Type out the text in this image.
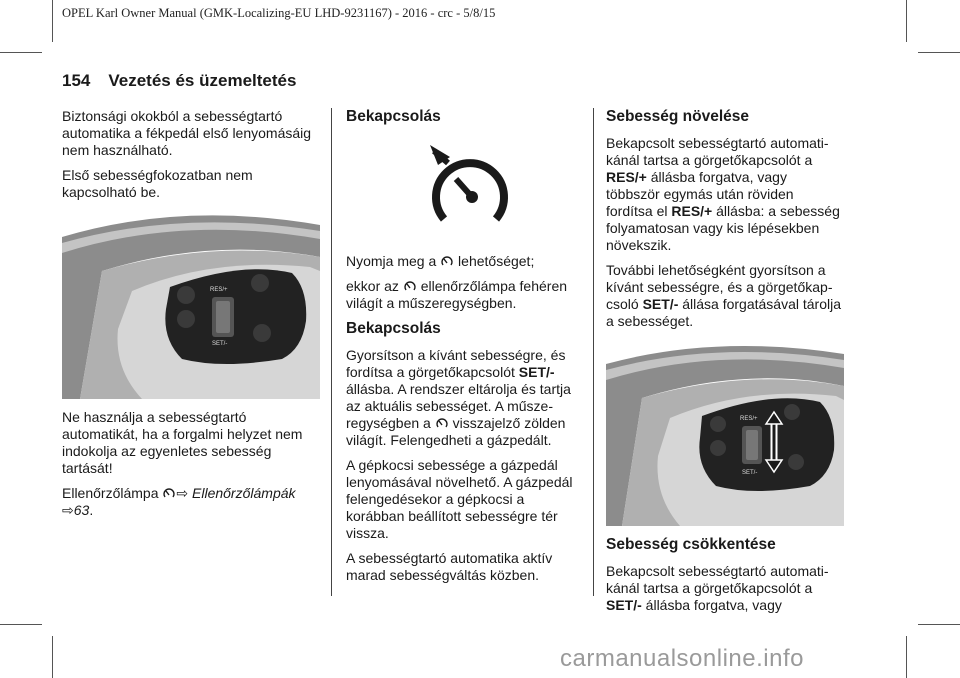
OPEL Karl Owner Manual (GMK-Localizing-EU LHD-9231167) - 2016 - crc - 5/8/15
154 Vezetés és üzemeltetés

Biztonsági okokból a sebességtartó automatika a fékpedál első lenyomásáig nem használható.

Első sebességfokozatban nem kapcsolható be.

RES/+
SET/-

Ne használja a sebességtartó automatikát, ha a forgalmi helyzet nem indokolja az egyenletes sebesség tartását!

Ellenőrzőlámpa ⇨ Ellenőrzőlámpák ⇨63.

Bekapcsolás

Nyomja meg a  lehetőséget;

ekkor az  ellenőrzőlámpa fehéren világít a műszeregységben.

Bekapcsolás

Gyorsítson a kívánt sebességre, és fordítsa a görgetőkapcsolót SET/- állásba. A rendszer eltárolja és tartja az aktuális sebességet. A műszeregységben a  visszajelző zölden világít. Felengedheti a gázpedált.

A gépkocsi sebessége a gázpedál lenyomásával növelhető. A gázpedál felengedésekor a gépkocsi a korábban beállított sebességre tér vissza.

A sebességtartó automatika aktív marad sebességváltás közben.

Sebesség növelése

Bekapcsolt sebességtartó automatikánál tartsa a görgetőkapcsolót a RES/+ állásba forgatva, vagy többször egymás után röviden fordítsa el RES/+ állásba: a sebesség folyamatosan vagy kis lépésekben növekszik.

További lehetőségként gyorsítson a kívánt sebességre, és a görgetőkapcsoló SET/- állása forgatásával tárolja a sebességet.

RES/+
SET/-
Sebesség csökkentése

Bekapcsolt sebességtartó automatikánál tartsa a görgetőkapcsolót a SET/- állásba forgatva, vagy

carmanualsonline.info
